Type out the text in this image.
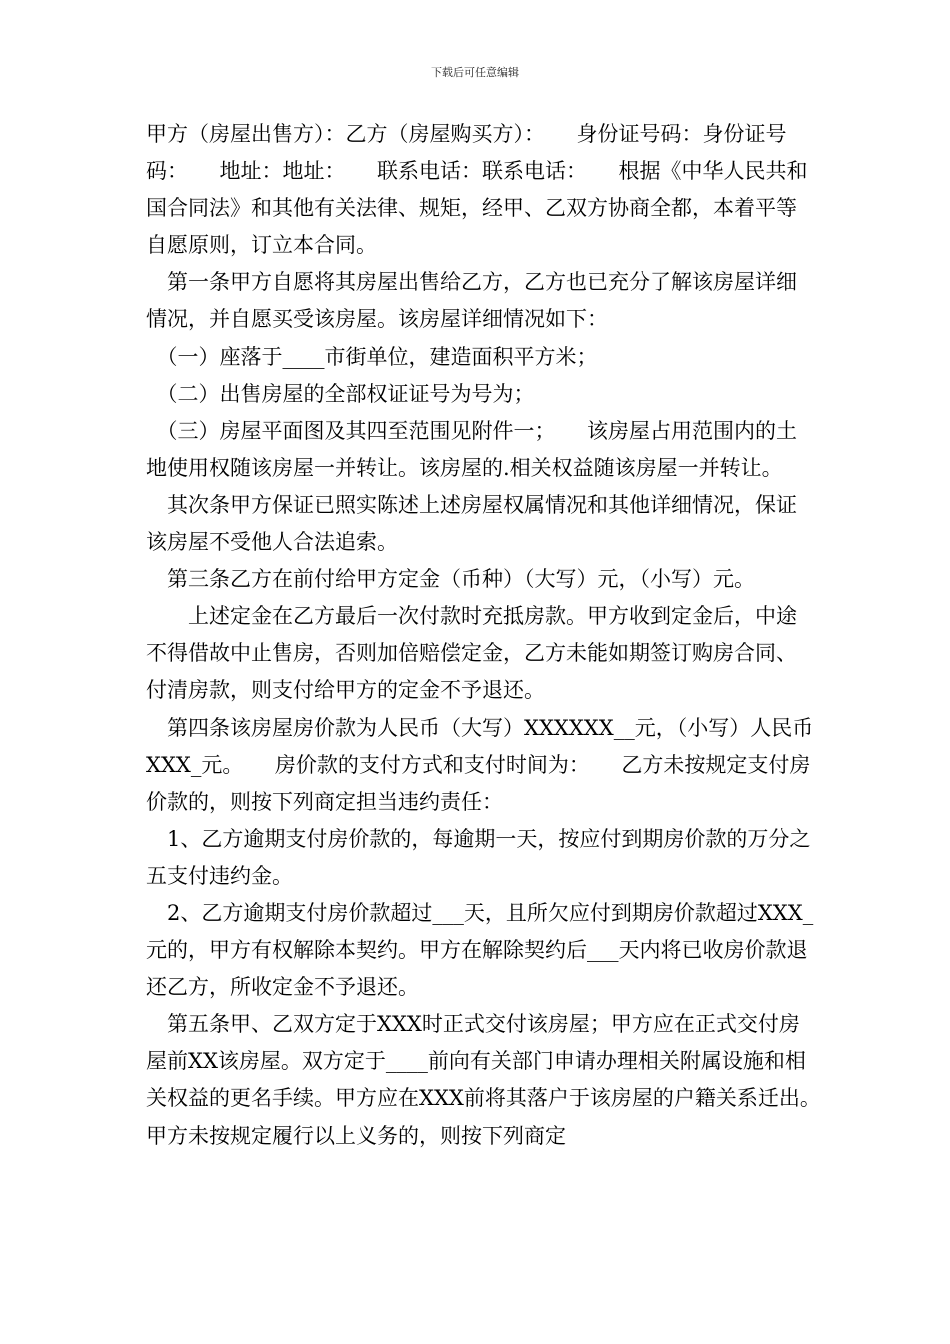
下载后可任意编辑
甲方（房屋出售方）：乙方（房屋购买方）：　　身份证号码：身份证号码：　　地址：地址：　　联系电话：联系电话：　　根据《中华人民共和国合同法》和其他有关法律、规矩，经甲、乙双方协商全都，本着平等自愿原则，订立本合同。
　第一条甲方自愿将其房屋出售给乙方，乙方也已充分了解该房屋详细情况，并自愿买受该房屋。该房屋详细情况如下：
　（一）座落于____市街单位，建造面积平方米；
　（二）出售房屋的全部权证证号为号为；
　（三）房屋平面图及其四至范围见附件一；　　该房屋占用范围内的土地使用权随该房屋一并转让。该房屋的.相关权益随该房屋一并转让。
　其次条甲方保证已照实陈述上述房屋权属情况和其他详细情况，保证该房屋不受他人合法追索。
　第三条乙方在前付给甲方定金（币种）（大写）元，（小写）元。
　　上述定金在乙方最后一次付款时充抵房款。甲方收到定金后，中途不得借故中止售房，否则加倍赔偿定金，乙方未能如期签订购房合同、付清房款，则支付给甲方的定金不予退还。
　第四条该房屋房价款为人民币（大写）XXXXXX__元，（小写）人民币XXX_元。　　房价款的支付方式和支付时间为：　　乙方未按规定支付房价款的，则按下列商定担当违约责任：
　1、乙方逾期支付房价款的，每逾期一天，按应付到期房价款的万分之五支付违约金。
　2、乙方逾期支付房价款超过___天，且所欠应付到期房价款超过XXX_元的，甲方有权解除本契约。甲方在解除契约后___天内将已收房价款退还乙方，所收定金不予退还。
　第五条甲、乙双方定于XXX时正式交付该房屋；甲方应在正式交付房屋前XX该房屋。双方定于____前向有关部门申请办理相关附属设施和相关权益的更名手续。甲方应在XXX前将其落户于该房屋的户籍关系迁出。　　甲方未按规定履行以上义务的，则按下列商定
